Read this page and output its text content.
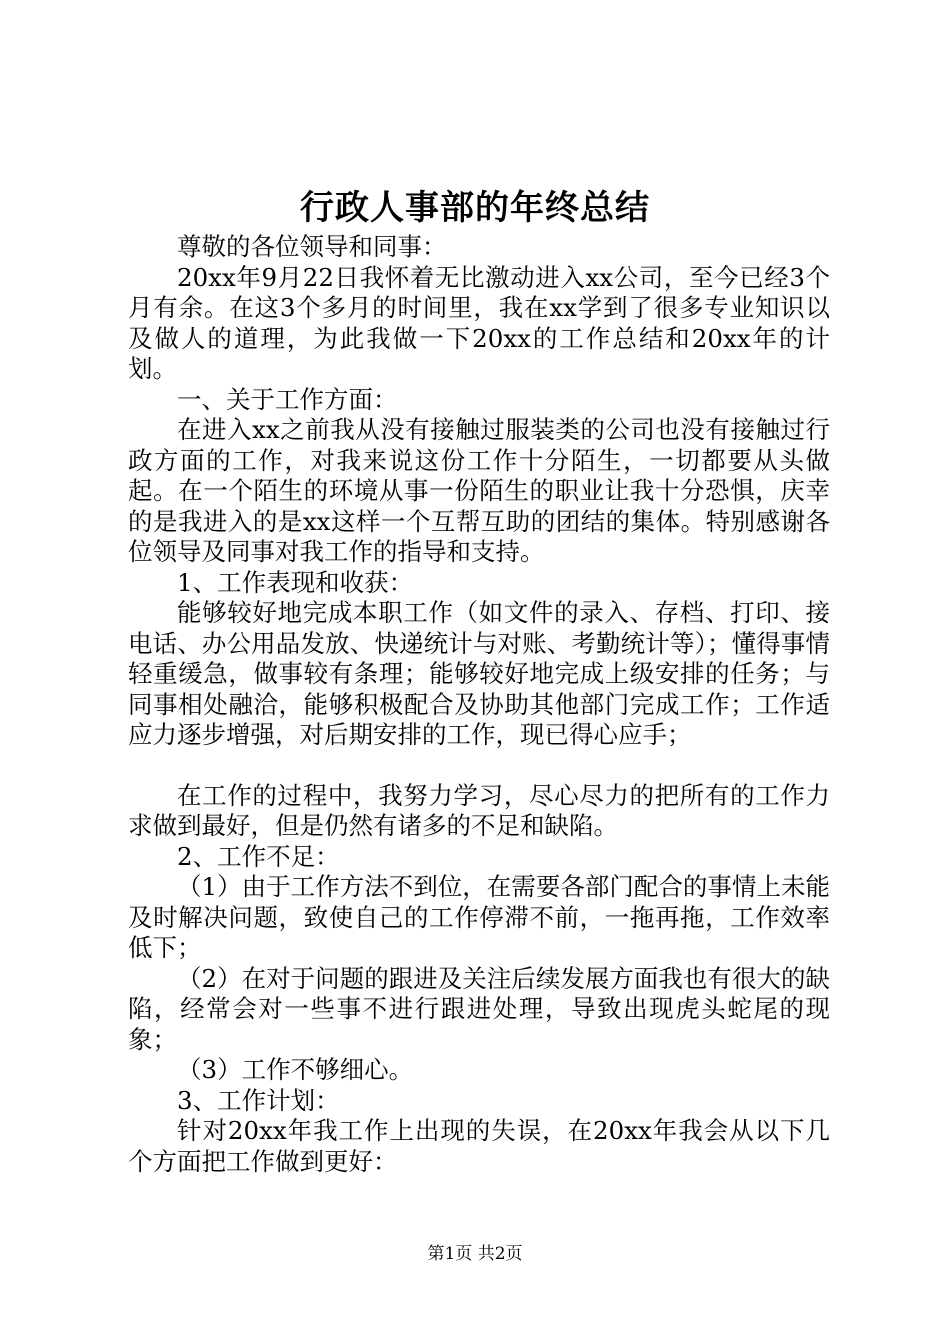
行政人事部的年终总结

尊敬的各位领导和同事：

20xx年9月22日我怀着无比激动进入xx公司，至今已经3个月有余。在这3个多月的时间里，我在xx学到了很多专业知识以及做人的道理，为此我做一下20xx的工作总结和20xx年的计划。

一、关于工作方面：

在进入xx之前我从没有接触过服装类的公司也没有接触过行政方面的工作，对我来说这份工作十分陌生，一切都要从头做起。在一个陌生的环境从事一份陌生的职业让我十分恐惧，庆幸的是我进入的是xx这样一个互帮互助的团结的集体。特别感谢各位领导及同事对我工作的指导和支持。

1、工作表现和收获：

能够较好地完成本职工作（如文件的录入、存档、打印、接电话、办公用品发放、快递统计与对账、考勤统计等）；懂得事情轻重缓急，做事较有条理；能够较好地完成上级安排的任务；与同事相处融洽，能够积极配合及协助其他部门完成工作；工作适应力逐步增强，对后期安排的工作，现已得心应手；

在工作的过程中，我努力学习，尽心尽力的把所有的工作力求做到最好，但是仍然有诸多的不足和缺陷。

2、工作不足：

（1）由于工作方法不到位，在需要各部门配合的事情上未能及时解决问题，致使自己的工作停滞不前，一拖再拖，工作效率低下；

（2）在对于问题的跟进及关注后续发展方面我也有很大的缺陷，经常会对一些事不进行跟进处理，导致出现虎头蛇尾的现象；

（3）工作不够细心。

3、工作计划：

针对20xx年我工作上出现的失误，在20xx年我会从以下几个方面把工作做到更好：

第1页 共2页
